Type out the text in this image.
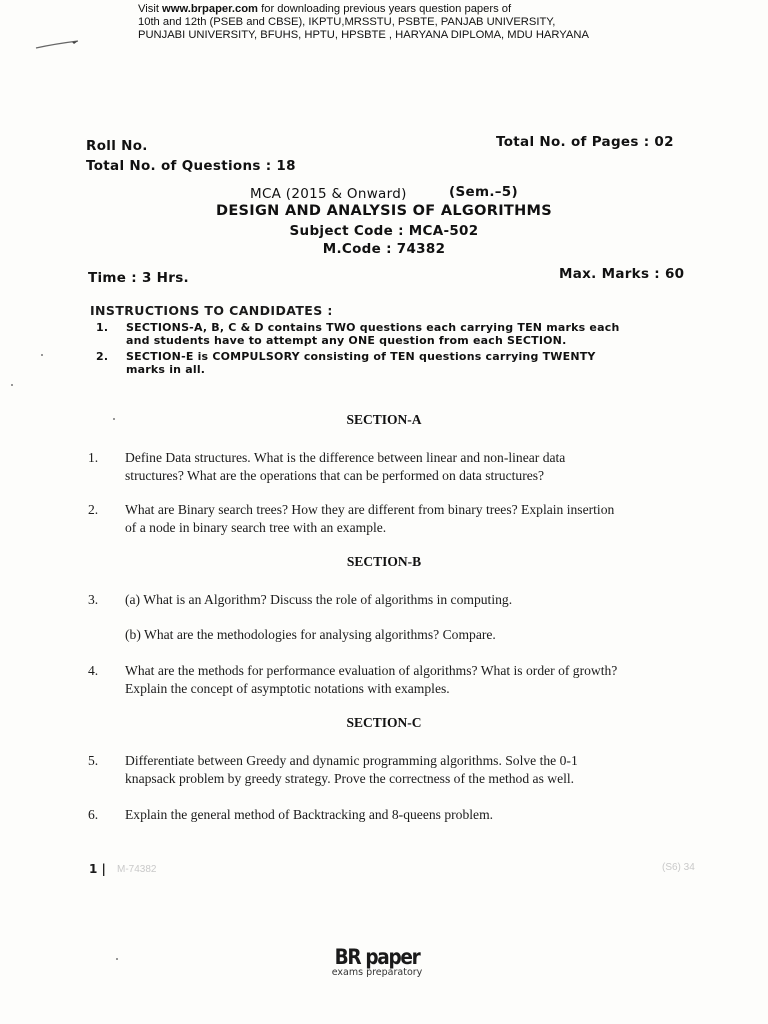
Visit www.brpaper.com for downloading previous years question papers of
10th and 12th (PSEB and CBSE), IKPTU,MRSSTU, PSBTE, PANJAB UNIVERSITY,
PUNJABI UNIVERSITY, BFUHS, HPTU, HPSBTE , HARYANA DIPLOMA, MDU HARYANA
Roll No.	Total No. of Pages : 02
Total No. of Questions : 18
MCA (2015 & Onward)	(Sem.–5)
DESIGN AND ANALYSIS OF ALGORITHMS
Subject Code : MCA-502
M.Code : 74382
Time : 3 Hrs.	Max. Marks : 60
INSTRUCTIONS TO CANDIDATES :
1. SECTIONS-A, B, C & D contains TWO questions each carrying TEN marks each
and students have to attempt any ONE question from each SECTION.
2. SECTION-E is COMPULSORY consisting of TEN questions carrying TWENTY
marks in all.
SECTION-A
1. Define Data structures. What is the difference between linear and non-linear data
structures? What are the operations that can be performed on data structures?
2. What are Binary search trees? How they are different from binary trees? Explain insertion
of a node in binary search tree with an example.
SECTION-B
3. (a) What is an Algorithm? Discuss the role of algorithms in computing.
(b) What are the methodologies for analysing algorithms? Compare.
4. What are the methods for performance evaluation of algorithms? What is order of growth?
Explain the concept of asymptotic notations with examples.
SECTION-C
5. Differentiate between Greedy and dynamic programming algorithms. Solve the 0-1
knapsack problem by greedy strategy. Prove the correctness of the method as well.
6. Explain the general method of Backtracking and 8-queens problem.
1 | M-74382	(S6) 34
BR paper
exams preparatory
